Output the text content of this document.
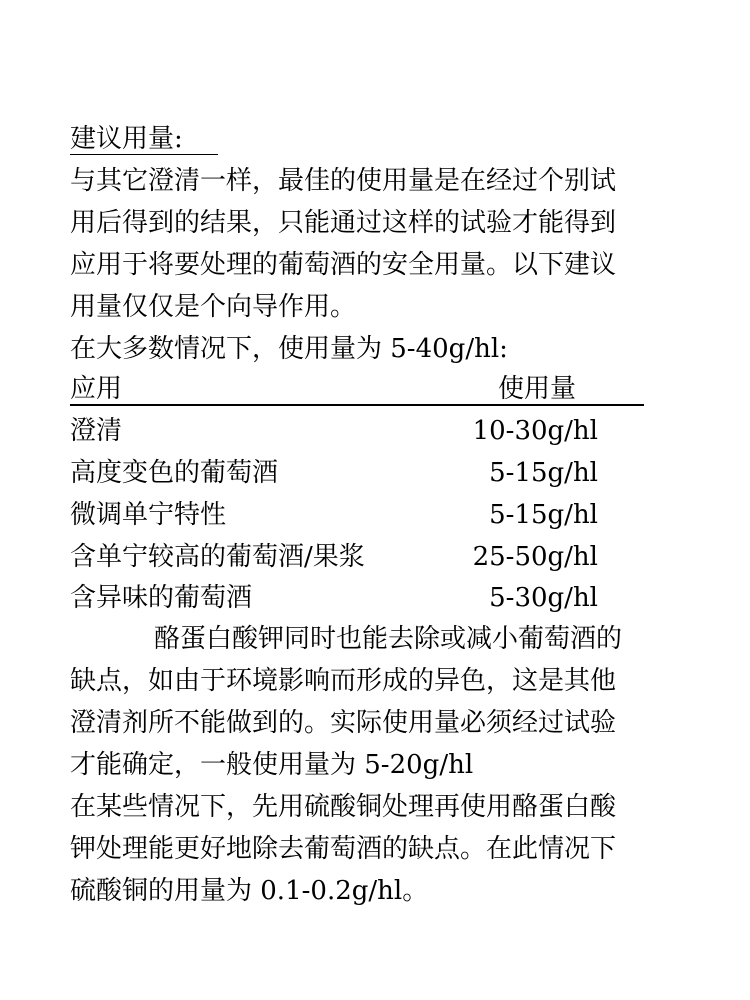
建议用量:

与其它澄清一样，最佳的使用量是在经过个别试

用后得到的结果，只能通过这样的试验才能得到

应用于将要处理的葡萄酒的安全用量。以下建议

用量仅仅是个向导作用。

在大多数情况下，使用量为 5-40g/hl:

应用	使用量
澄清	10-30g/hl
高度变色的葡萄酒	5-15g/hl
微调单宁特性	5-15g/hl
含单宁较高的葡萄酒/果浆	25-50g/hl
含异味的葡萄酒	5-30g/hl

酪蛋白酸钾同时也能去除或减小葡萄酒的

缺点，如由于环境影响而形成的异色，这是其他

澄清剂所不能做到的。实际使用量必须经过试验

才能确定，一般使用量为 5-20g/hl

在某些情况下，先用硫酸铜处理再使用酪蛋白酸

钾处理能更好地除去葡萄酒的缺点。在此情况下

硫酸铜的用量为 0.1-0.2g/hl。
